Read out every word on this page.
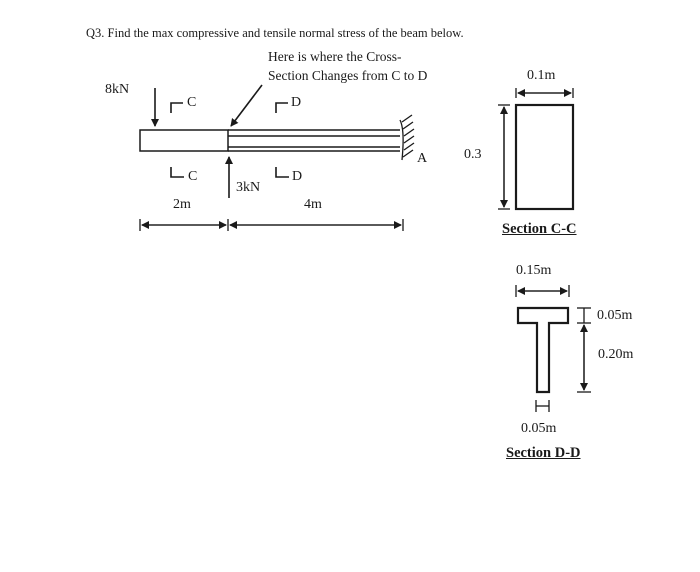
Q3. Find the max compressive and tensile normal stress of the beam below.
Here is where the Cross-
Section Changes from C to D
8kN
3kN
C
C
D
D
A
2m	4m
0.1m
0.3
Section C-C
0.15m
0.05m
0.20m
0.05m
Section D-D
